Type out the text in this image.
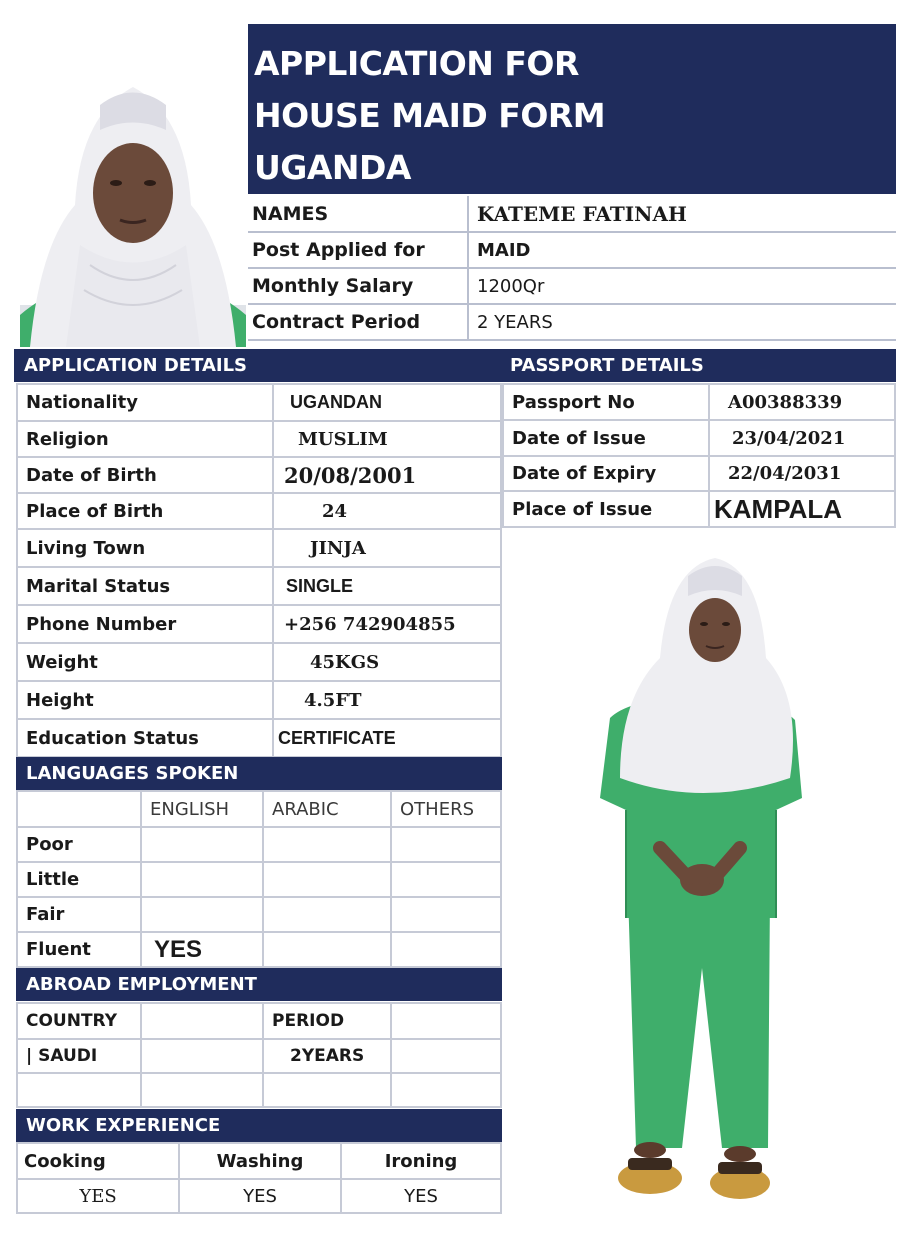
APPLICATION FOR
HOUSE MAID FORM
UGANDA
NAMES	KATEME FATINAH
Post Applied for	MAID
Monthly Salary	1200Qr
Contract Period	2 YEARS
APPLICATION DETAILS	PASSPORT DETAILS
Nationality	UGANDAN
Religion	MUSLIM
Date of Birth	20/08/2001
Place of Birth	24
Living Town	JINJA
Marital Status	SINGLE
Phone Number	+256 742904855
Weight	45KGS
Height	4.5FT
Education Status	CERTIFICATE
Passport No	A00388339
Date of Issue	23/04/2021
Date of Expiry	22/04/2031
Place of Issue	KAMPALA
LANGUAGES SPOKEN
	ENGLISH	ARABIC	OTHERS
Poor			
Little			
Fair			
Fluent	YES		
ABROAD EMPLOYMENT
COUNTRY		PERIOD	
| SAUDI		2YEARS	

WORK EXPERIENCE
Cooking	Washing	Ironing
YES	YES	YES
